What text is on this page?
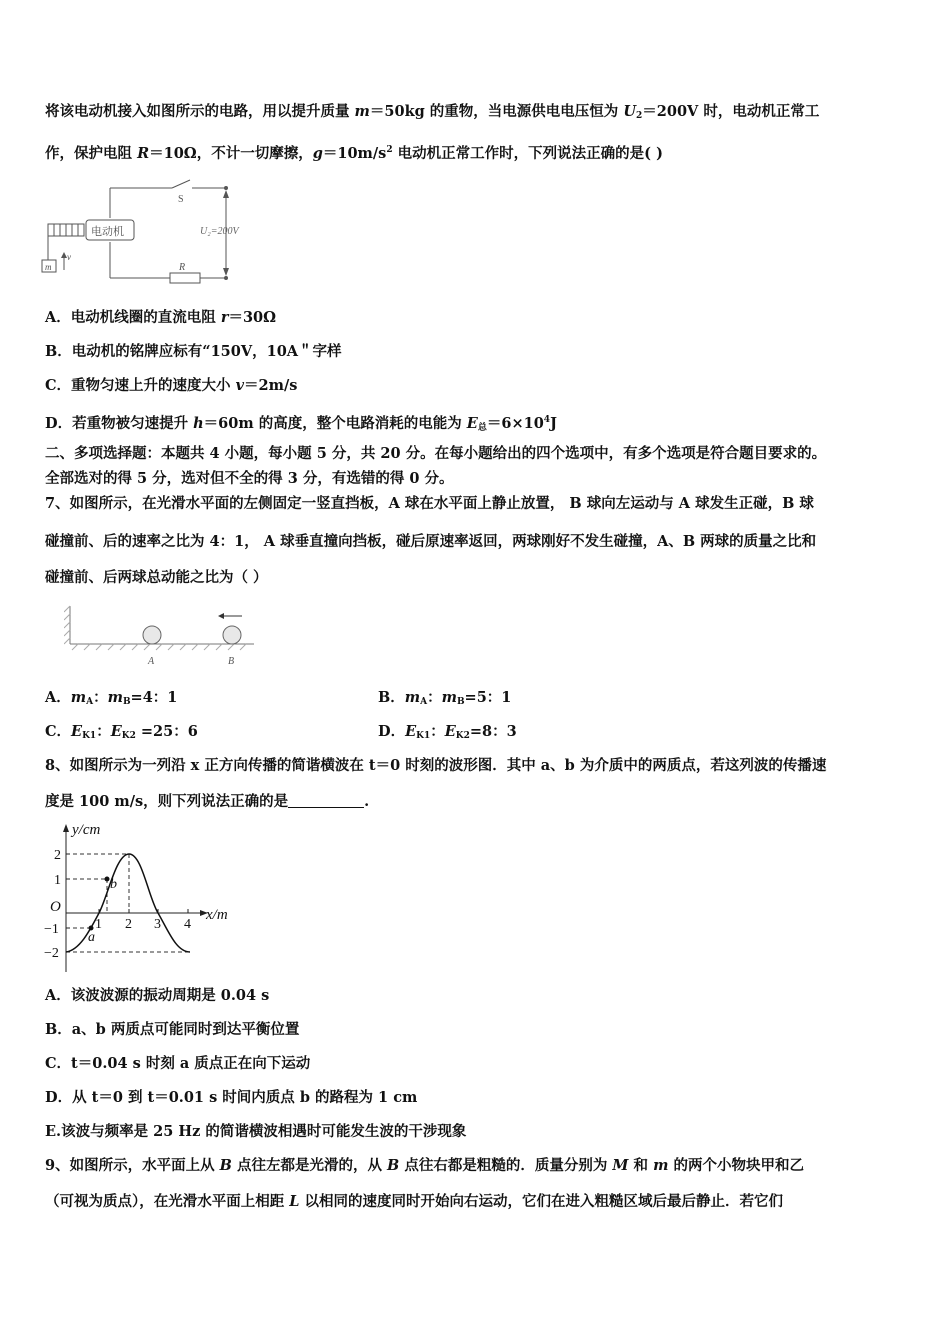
将该电动机接入如图所示的电路，用以提升质量 m＝50kg 的重物，当电源供电电压恒为 $U_2=200V$ 时，电动机正常工
作，保护电阻 R＝10Ω，不计一切摩擦，$g=10m/s^2$ 电动机正常工作时，下列说法正确的是( )
S
U₂=200V
电动机
R
m
v
A．电动机线圈的直流电阻 r＝30Ω
B．电动机的铭牌应标有“150V，10A＂字样
C．重物匀速上升的速度大小 v＝2m/s
D．若重物被匀速提升 h＝60m 的高度，整个电路消耗的电能为 $E_总=6\times 10^4J$
二、多项选择题：本题共 4 小题，每小题 5 分，共 20 分。在每小题给出的四个选项中，有多个选项是符合题目要求的。
全部选对的得 5 分，选对但不全的得 3 分，有选错的得 0 分。
7、如图所示，在光滑水平面的左侧固定一竖直挡板，A 球在水平面上静止放置， B 球向左运动与 A 球发生正碰，B 球
碰撞前、后的速率之比为 4：1， A 球垂直撞向挡板，碰后原速率返回，两球刚好不发生碰撞，A、B 两球的质量之比和
碰撞前、后两球总动能之比为（ ）
A	B
A．$m_A$：$m_B=4$：1	B．$m_A$：$m_B=5$：1
C．$E_{K1}$：$E_{K2} =25$：6	D．$E_{K1}$：$E_{K2}=8$：3
8、如图所示为一列沿 x 正方向传播的简谐横波在 t＝0 时刻的波形图．其中 a、b 为介质中的两质点，若这列波的传播速
度是 100 m/s，则下列说法正确的是	.
y/cm
x/m
O
2
1
−1
−2
1 2 3 4
b
a
A．该波波源的振动周期是 0.04 s
B．a、b 两质点可能同时到达平衡位置
C．t＝0.04 s 时刻 a 质点正在向下运动
D．从 t＝0 到 t＝0.01 s 时间内质点 b 的路程为 1 cm
E.该波与频率是 25 Hz 的简谐横波相遇时可能发生波的干涉现象
9、如图所示，水平面上从 B 点往左都是光滑的，从 B 点往右都是粗糙的．质量分别为 M 和 m 的两个小物块甲和乙
（可视为质点），在光滑水平面上相距 L 以相同的速度同时开始向右运动，它们在进入粗糙区域后最后静止．若它们
